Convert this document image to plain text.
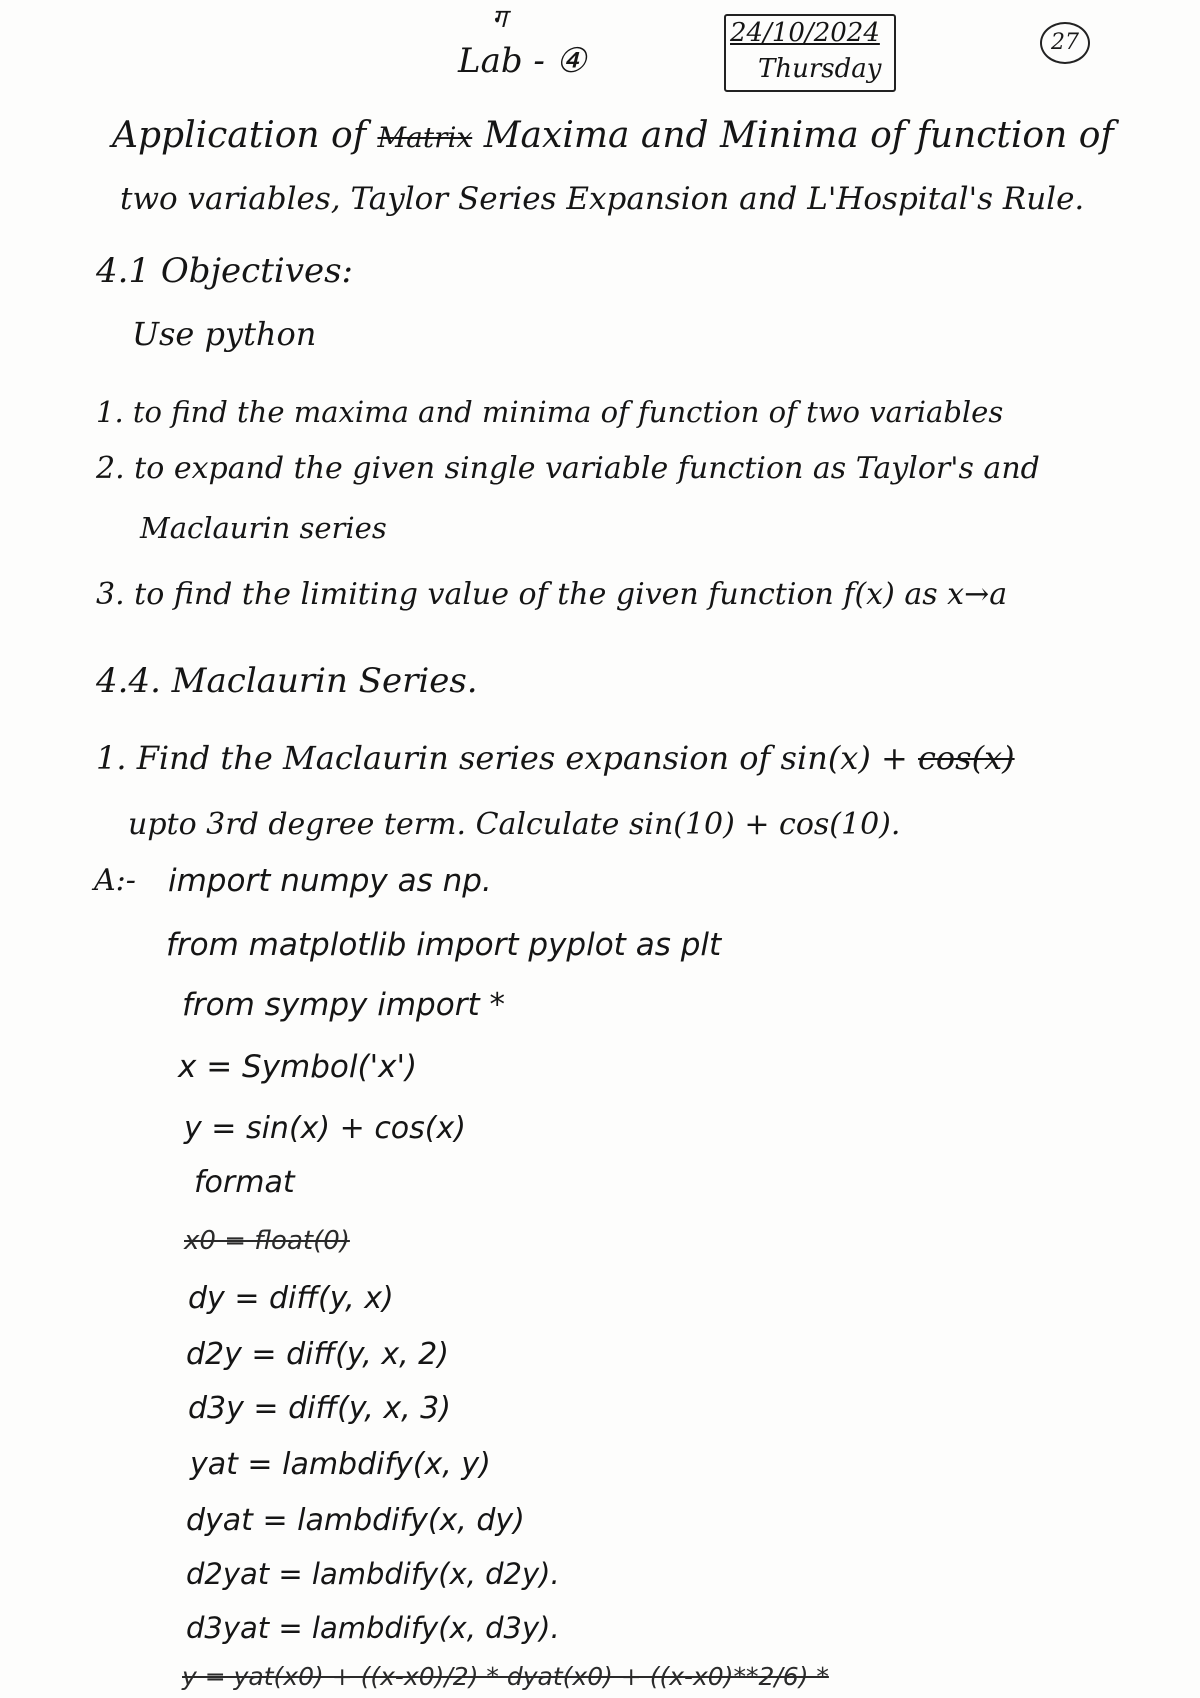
ग
Lab - ④
24/10/2024
Thursday
27
Application of Matrix Maxima and Minima of function of
two variables, Taylor Series Expansion and L'Hospital's Rule.
4.1 Objectives:
Use python
1. to find the maxima and minima of function of two variables
2. to expand the given single variable function as Taylor's and
Maclaurin series
3. to find the limiting value of the given function f(x) as x→a
4.4. Maclaurin Series.
1. Find the Maclaurin series expansion of sin(x) + cos(x)
upto 3rd degree term. Calculate sin(10) + cos(10).
A:- import numpy as np.
from matplotlib import pyplot as plt
from sympy import *
x = Symbol('x')
y = sin(x) + cos(x)
format
x0 = float(0)
dy = diff(y, x)
d2y = diff(y, x, 2)
d3y = diff(y, x, 3)
yat = lambdify(x, y)
dyat = lambdify(x, dy)
d2yat = lambdify(x, d2y).
d3yat = lambdify(x, d3y).
y = yat(x0) + ((x-x0)/2) * dyat(x0) + ((x-x0)**2/6) *
